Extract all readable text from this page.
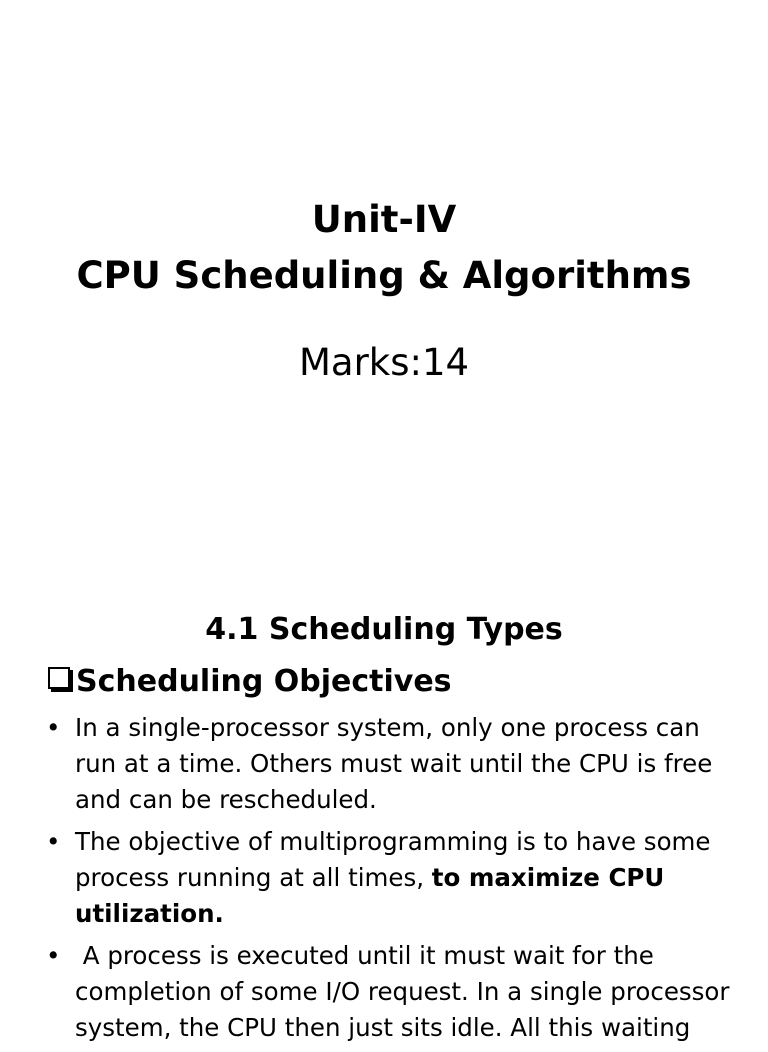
Unit-IV
CPU Scheduling & Algorithms
Marks:14
4.1 Scheduling Types
Scheduling Objectives
• In a single-processor system, only one process can run at a time. Others must wait until the CPU is free and can be rescheduled.
• The objective of multiprogramming is to have some process running at all times, to maximize CPU utilization.
• A process is executed until it must wait for the completion of some I/O request. In a single processor system, the CPU then just sits idle. All this waiting
